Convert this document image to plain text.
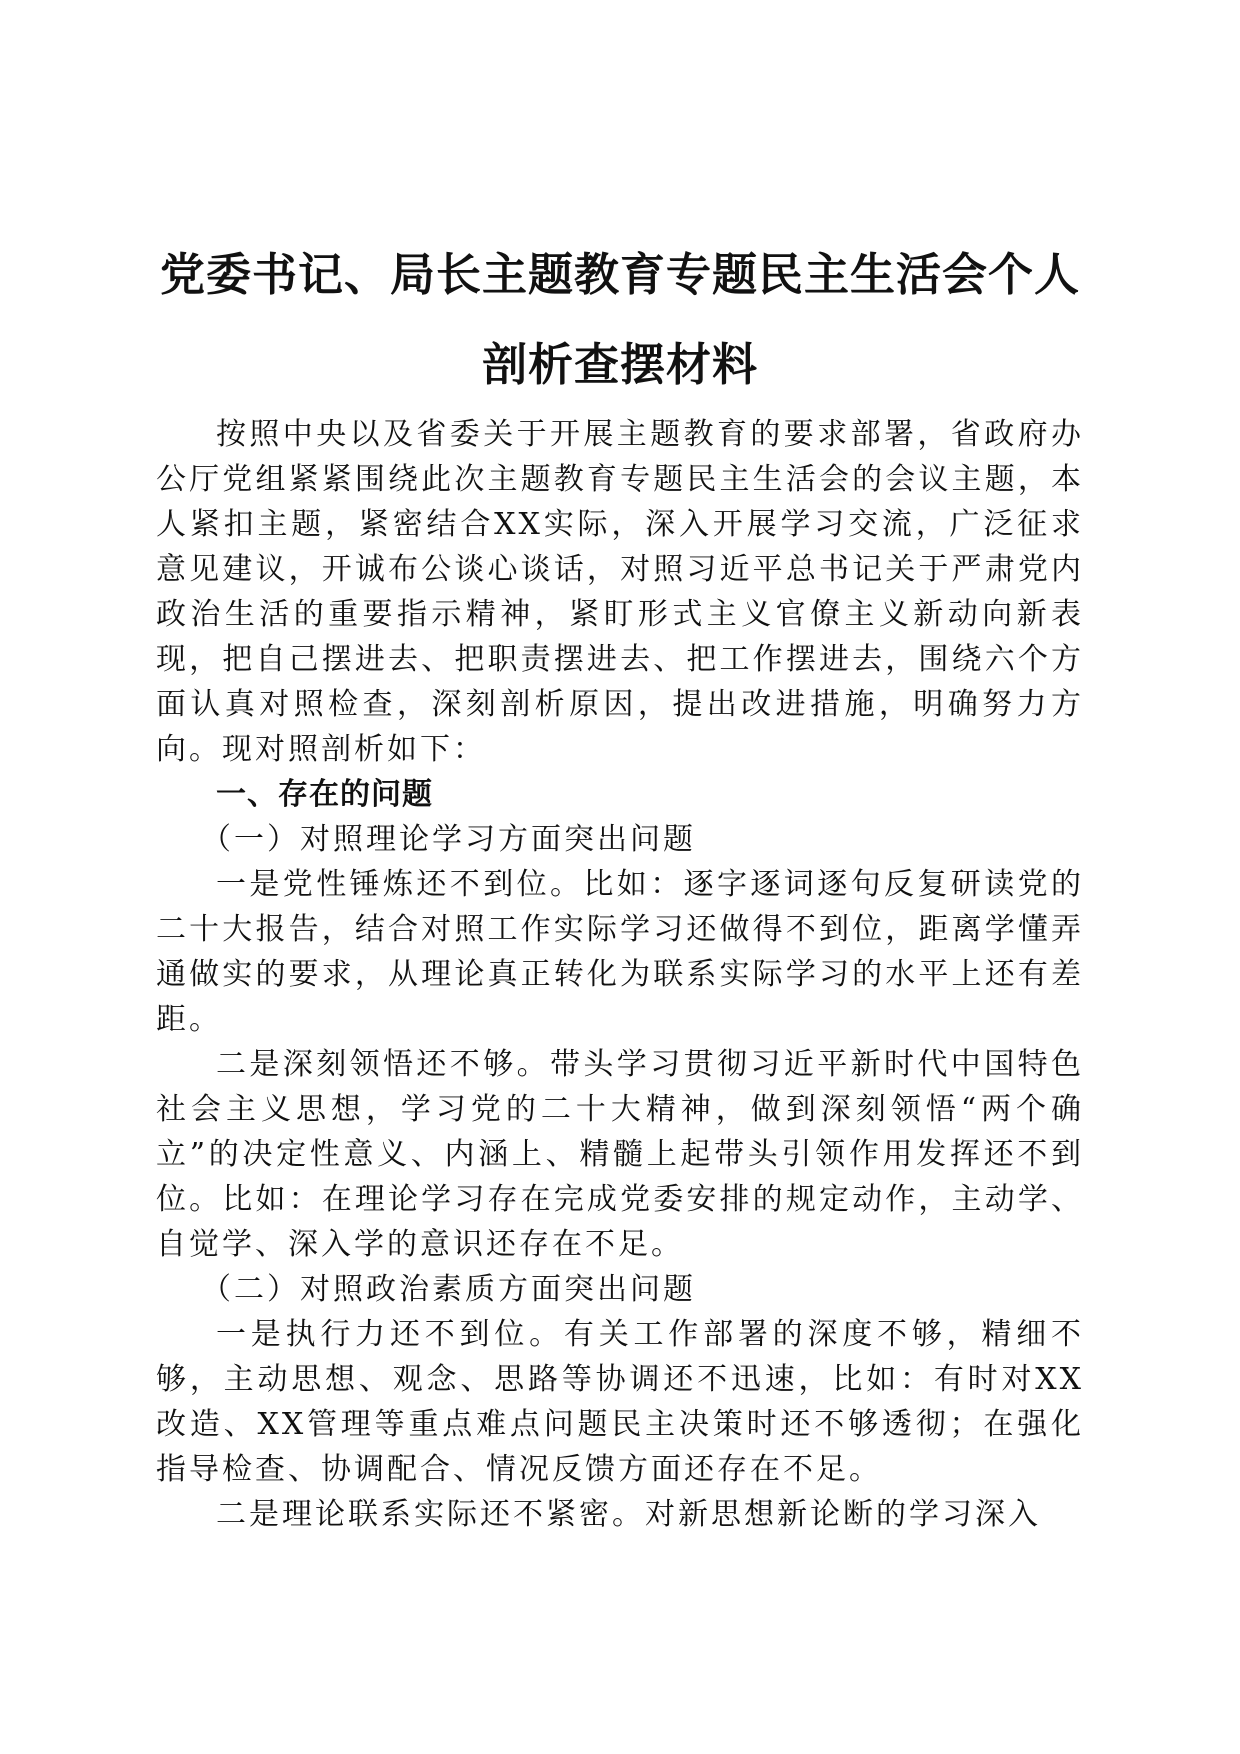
党委书记、局长主题教育专题民主生活会个人
剖析查摆材料

按照中央以及省委关于开展主题教育的要求部署，省政府办公厅党组紧紧围绕此次主题教育专题民主生活会的会议主题，本人紧扣主题，紧密结合XX实际，深入开展学习交流，广泛征求意见建议，开诚布公谈心谈话，对照习近平总书记关于严肃党内政治生活的重要指示精神，紧盯形式主义官僚主义新动向新表现，把自己摆进去、把职责摆进去、把工作摆进去，围绕六个方面认真对照检查，深刻剖析原因，提出改进措施，明确努力方向。现对照剖析如下：

一、存在的问题

（一）对照理论学习方面突出问题

一是党性锤炼还不到位。比如：逐字逐词逐句反复研读党的二十大报告，结合对照工作实际学习还做得不到位，距离学懂弄通做实的要求，从理论真正转化为联系实际学习的水平上还有差距。

二是深刻领悟还不够。带头学习贯彻习近平新时代中国特色社会主义思想，学习党的二十大精神，做到深刻领悟“两个确立”的决定性意义、内涵上、精髓上起带头引领作用发挥还不到位。比如：在理论学习存在完成党委安排的规定动作，主动学、自觉学、深入学的意识还存在不足。

（二）对照政治素质方面突出问题

一是执行力还不到位。有关工作部署的深度不够，精细不够，主动思想、观念、思路等协调还不迅速，比如：有时对XX改造、XX管理等重点难点问题民主决策时还不够透彻；在强化指导检查、协调配合、情况反馈方面还存在不足。

二是理论联系实际还不紧密。对新思想新论断的学习深入
